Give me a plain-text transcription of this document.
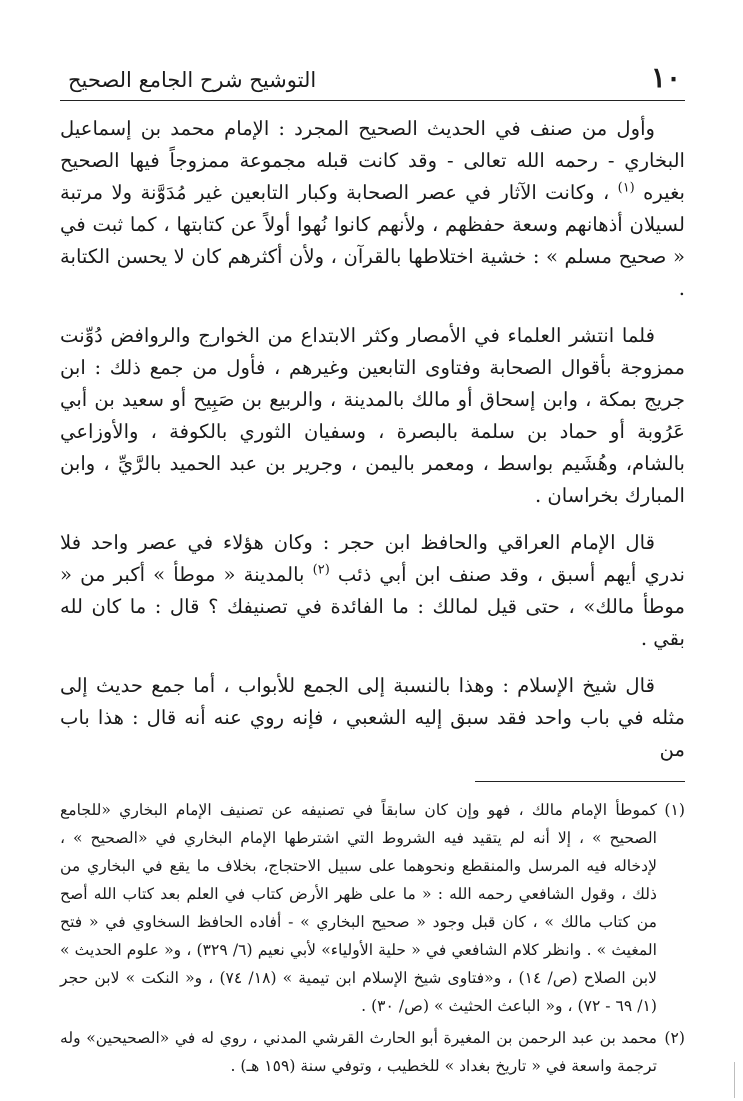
١٠
التوشيح شرح الجامع الصحيح

وأول من صنف في الحديث الصحيح المجرد : الإمام محمد بن إسماعيل البخاري - رحمه الله تعالى - وقد كانت قبله مجموعة ممزوجاً فيها الصحيح بغيره $^{(١)}$ ، وكانت الآثار في عصر الصحابة وكبار التابعين غير مُدَوَّنة ولا مرتبة لسيلان أذهانهم وسعة حفظهم ، ولأنهم كانوا نُهوا أولاً عن كتابتها ، كما ثبت في « صحيح مسلم » : خشية اختلاطها بالقرآن ، ولأن أكثرهم كان لا يحسن الكتابة .

فلما انتشر العلماء في الأمصار وكثر الابتداع من الخوارج والروافض دُوِّنت ممزوجة بأقوال الصحابة وفتاوى التابعين وغيرهم ، فأول من جمع ذلك : ابن جريج بمكة ، وابن إسحاق أو مالك بالمدينة ، والربيع بن صَبِيح أو سعيد بن أبي عَرُوبة أو حماد بن سلمة بالبصرة ، وسفيان الثوري بالكوفة ، والأوزاعي بالشام، وهُشَيم بواسط ، ومعمر باليمن ، وجرير بن عبد الحميد بالرَّيِّ ، وابن المبارك بخراسان .

قال الإمام العراقي والحافظ ابن حجر : وكان هؤلاء في عصر واحد فلا ندري أيهم أسبق ، وقد صنف ابن أبي ذئب $^{(٢)}$ بالمدينة « موطأ » أكبر من « موطأ مالك» ، حتى قيل لمالك : ما الفائدة في تصنيفك ؟ قال : ما كان لله بقي .

قال شيخ الإسلام : وهذا بالنسبة إلى الجمع للأبواب ، أما جمع حديث إلى مثله في باب واحد فقد سبق إليه الشعبي ، فإنه روي عنه أنه قال : هذا باب من

(١)كموطأ الإمام مالك ، فهو وإن كان سابقاً في تصنيفه عن تصنيف الإمام البخاري «للجامع الصحيح » ، إلا أنه لم يتقيد فيه الشروط التي اشترطها الإمام البخاري في «الصحيح » ، لإدخاله فيه المرسل والمنقطع ونحوهما على سبيل الاحتجاج، بخلاف ما يقع في البخاري من ذلك ، وقول الشافعي رحمه الله : « ما على ظهر الأرض كتاب في العلم بعد كتاب الله أصح من كتاب مالك » ، كان قبل وجود « صحيح البخاري » - أفاده الحافظ السخاوي في « فتح المغيث » . وانظر كلام الشافعي في « حلية الأولياء» لأبي نعيم (٦/ ٣٢٩) ، و« علوم الحديث » لابن الصلاح (ص/ ١٤) ، و«فتاوى شيخ الإسلام ابن تيمية » (١٨/ ٧٤) ، و« النكت » لابن حجر (١/ ٦٩ - ٧٢) ، و« الباعث الحثيث » (ص/ ٣٠) .

(٢)محمد بن عبد الرحمن بن المغيرة أبو الحارث القرشي المدني ، روي له في «الصحيحين» وله ترجمة واسعة في « تاريخ بغداد » للخطيب ، وتوفي سنة (١٥٩ هـ) .
